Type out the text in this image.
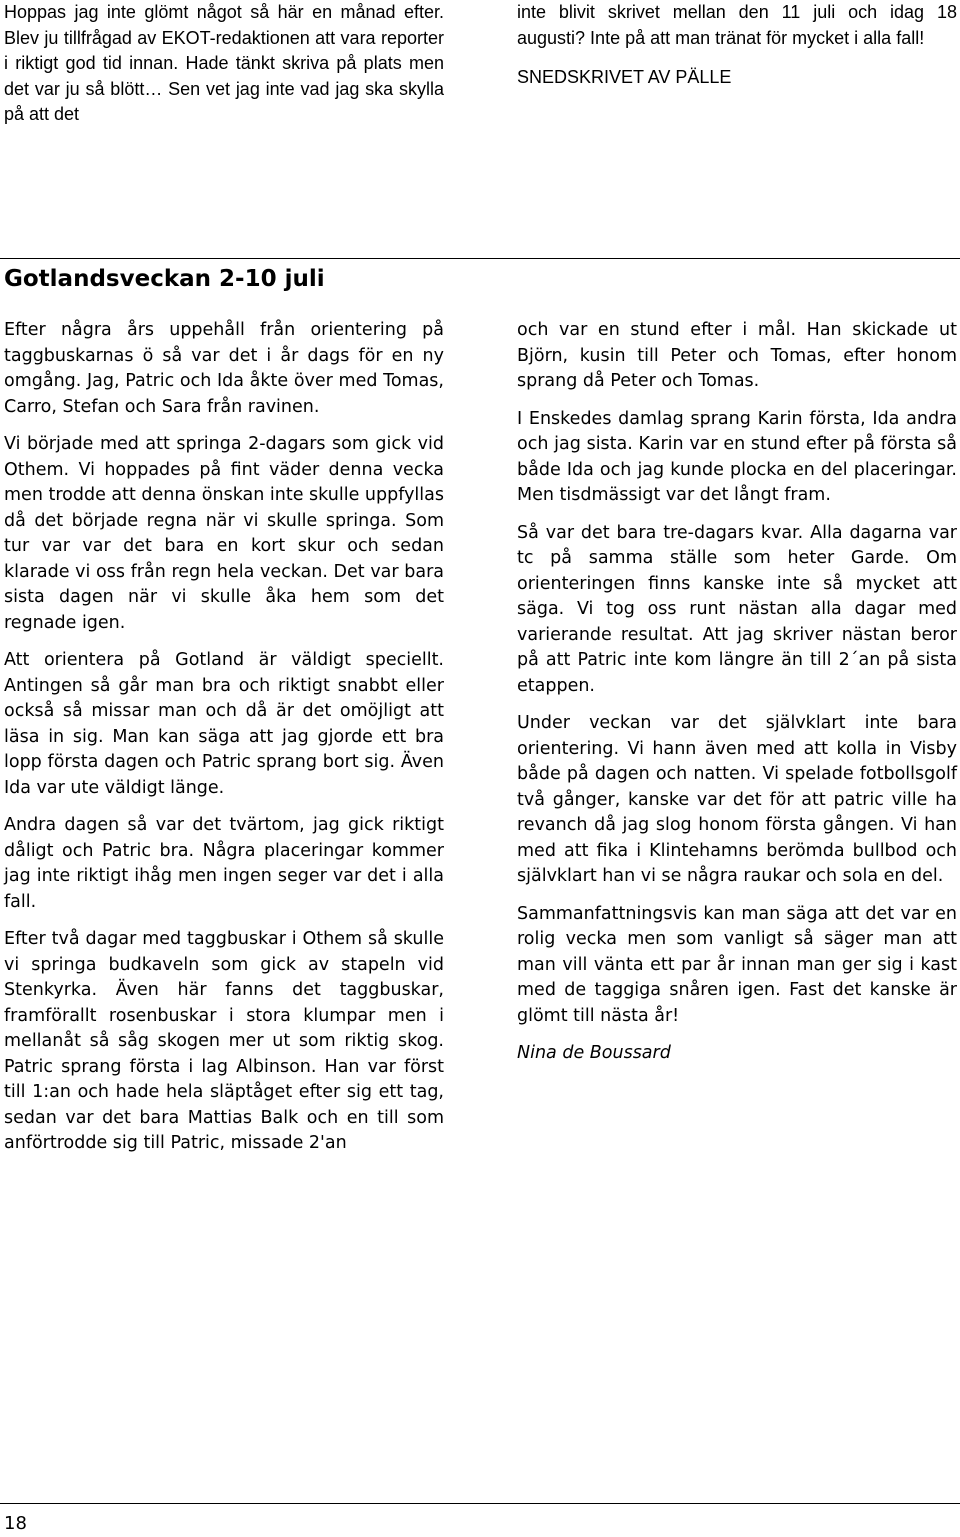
Hoppas jag inte glömt något så här en månad efter. Blev ju tillfrågad av EKOT-redaktionen att vara reporter i riktigt god tid innan. Hade tänkt skriva på plats men det var ju så blött… Sen vet jag inte vad jag ska skylla på att det

inte blivit skrivet mellan den 11 juli och idag 18 augusti? Inte på att man tränat för mycket i alla fall!

SNEDSKRIVET AV PÄLLE

Gotlandsveckan 2-10 juli

Efter några års uppehåll från orientering på taggbuskarnas ö så var det i år dags för en ny omgång. Jag, Patric och Ida åkte över med Tomas, Carro, Stefan och Sara från ravinen.

Vi började med att springa 2-dagars som gick vid Othem. Vi hoppades på fint väder denna vecka men trodde att denna önskan inte skulle uppfyllas då det började regna när vi skulle springa. Som tur var var det bara en kort skur och sedan klarade vi oss från regn hela veckan. Det var bara sista dagen när vi skulle åka hem som det regnade igen.

Att orientera på Gotland är väldigt speciellt. Antingen så går man bra och riktigt snabbt eller också så missar man och då är det omöjligt att läsa in sig. Man kan säga att jag gjorde ett bra lopp första dagen och Patric sprang bort sig. Även Ida var ute väldigt länge.

Andra dagen så var det tvärtom, jag gick riktigt dåligt och Patric bra. Några placeringar kommer jag inte riktigt ihåg men ingen seger var det i alla fall.

Efter två dagar med taggbuskar i Othem så skulle vi springa budkaveln som gick av stapeln vid Stenkyrka. Även här fanns det taggbuskar, framförallt rosenbuskar i stora klumpar men i mellanåt så såg skogen mer ut som riktig skog. Patric sprang första i lag Albinson. Han var först till 1:an och hade hela släptåget efter sig ett tag, sedan var det bara Mattias Balk och en till som anförtrodde sig till Patric, missade 2'an

och var en stund efter i mål. Han skickade ut Björn, kusin till Peter och Tomas, efter honom sprang då Peter och Tomas.

I Enskedes damlag sprang Karin första, Ida andra och jag sista. Karin var en stund efter på första så både Ida och jag kunde plocka en del placeringar. Men tisdmässigt var det långt fram.

Så var det bara tre-dagars kvar. Alla dagarna var tc på samma ställe som heter Garde. Om orienteringen finns kanske inte så mycket att säga. Vi tog oss runt nästan alla dagar med varierande resultat. Att jag skriver nästan beror på att Patric inte kom längre än till 2´an på sista etappen.

Under veckan var det självklart inte bara orientering. Vi hann även med att kolla in Visby både på dagen och natten. Vi spelade fotbollsgolf två gånger, kanske var det för att patric ville ha revanch då jag slog honom första gången. Vi han med att fika i Klintehamns berömda bullbod och självklart han vi se några raukar och sola en del.

Sammanfattningsvis kan man säga att det var en rolig vecka men som vanligt så säger man att man vill vänta ett par år innan man ger sig i kast med de taggiga snåren igen. Fast det kanske är glömt till nästa år!

Nina de Boussard

18
